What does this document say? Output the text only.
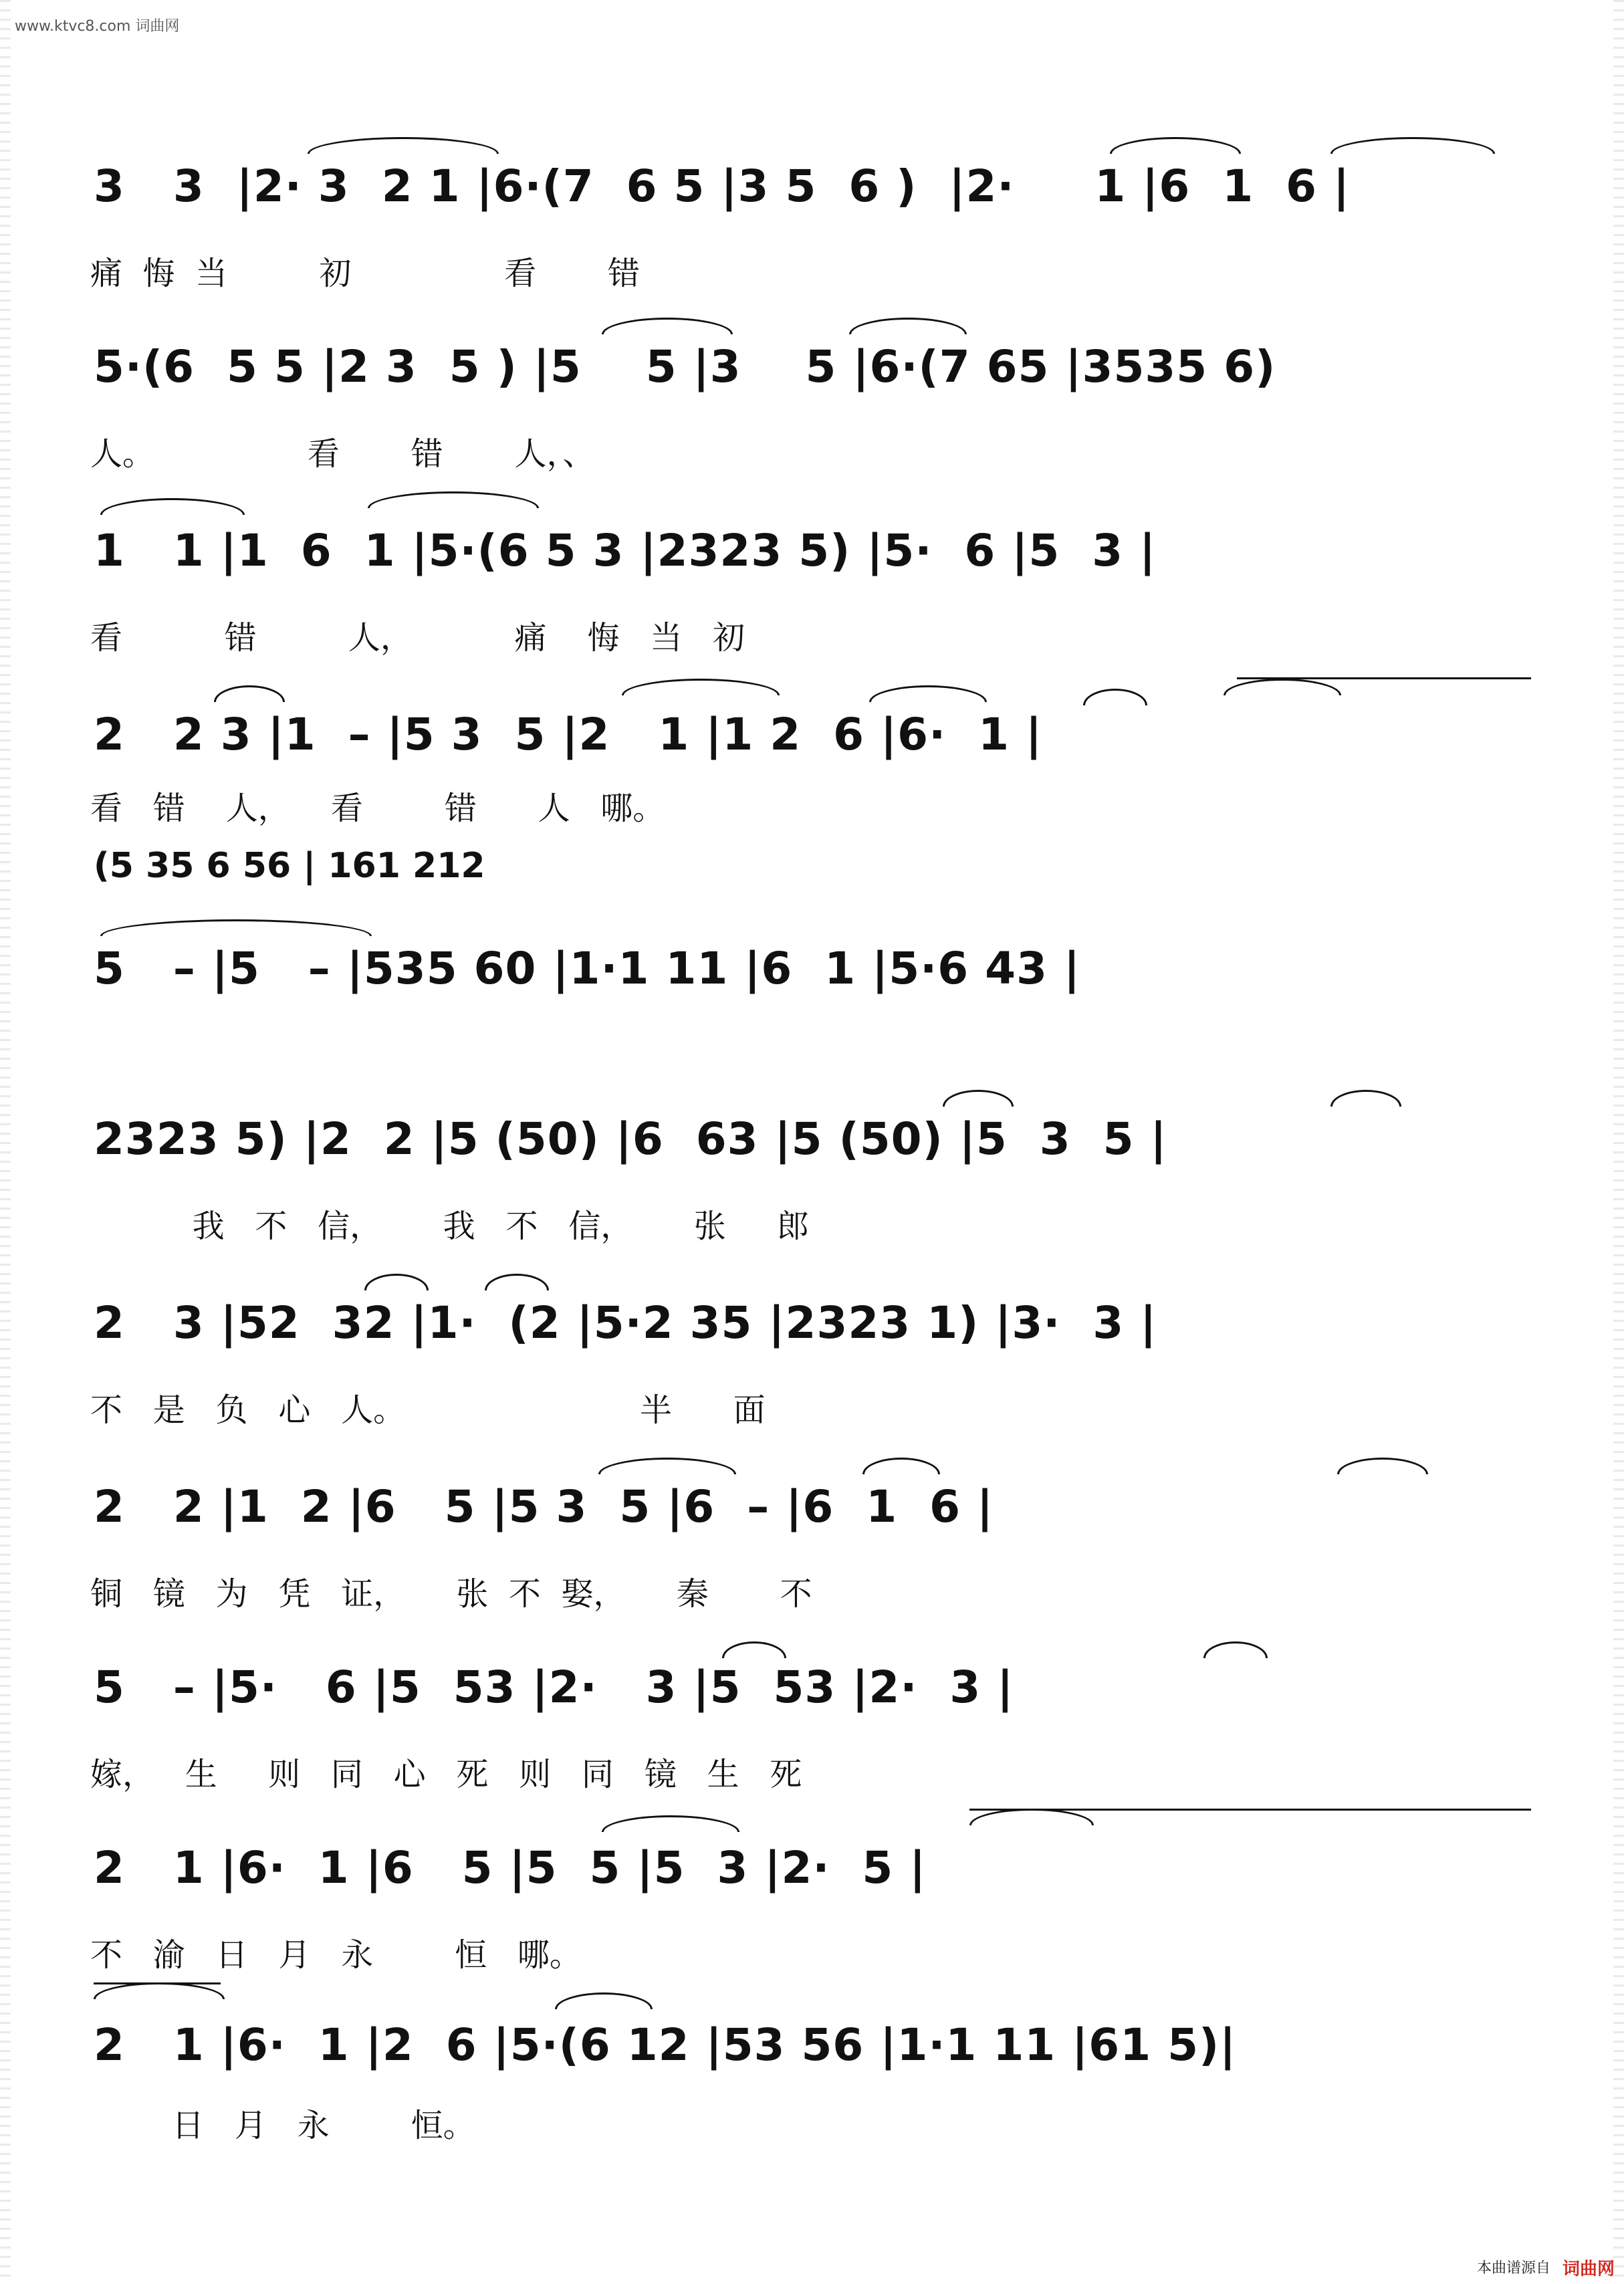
www.ktvc8.com 词曲网
3   3  |2· 3  2 1 |6·(7  6 5 |3 5  6 )  |2·     1 |6  1  6 |
痛  悔  当         初               看       错
5·(6  5 5 |2 3  5 ) |5    5 |3    5 |6·(7 65 |3535 6)
人。               看       错       人，、
1   1 |1  6  1 |5·(6 5 3 |2323 5) |5·  6 |5  3 |
看          错         人，          痛    悔   当   初
2   2 3 |1  – |5 3  5 |2   1 |1 2  6 |6·  1 |
看   错    人，    看        错      人   哪。
(5 35 6 56 | 161 212
5   – |5   – |535 60 |1·1 11 |6  1 |5·6 43 |
2323 5) |2  2 |5 (50) |6  63 |5 (50) |5  3  5 |
我   不   信，      我   不   信，      张     郎
2   3 |52  32 |1·  (2 |5·2 35 |2323 1) |3·  3 |
不   是   负   心   人。                       半      面
2   2 |1  2 |6   5 |5 3  5 |6  – |6  1  6 |
铜   镜   为   凭   证，     张  不  娶，     秦       不
5   – |5·   6 |5  53 |2·   3 |5  53 |2·  3 |
嫁，   生     则   同   心   死   则   同   镜   生   死
2   1 |6·  1 |6   5 |5  5 |5  3 |2·  5 |
不   渝   日   月   永        恒   哪。
2   1 |6·  1 |2  6 |5·(6 12 |53 56 |1·1 11 |61 5)|
日   月   永        恒。
本曲谱源自 词曲网
